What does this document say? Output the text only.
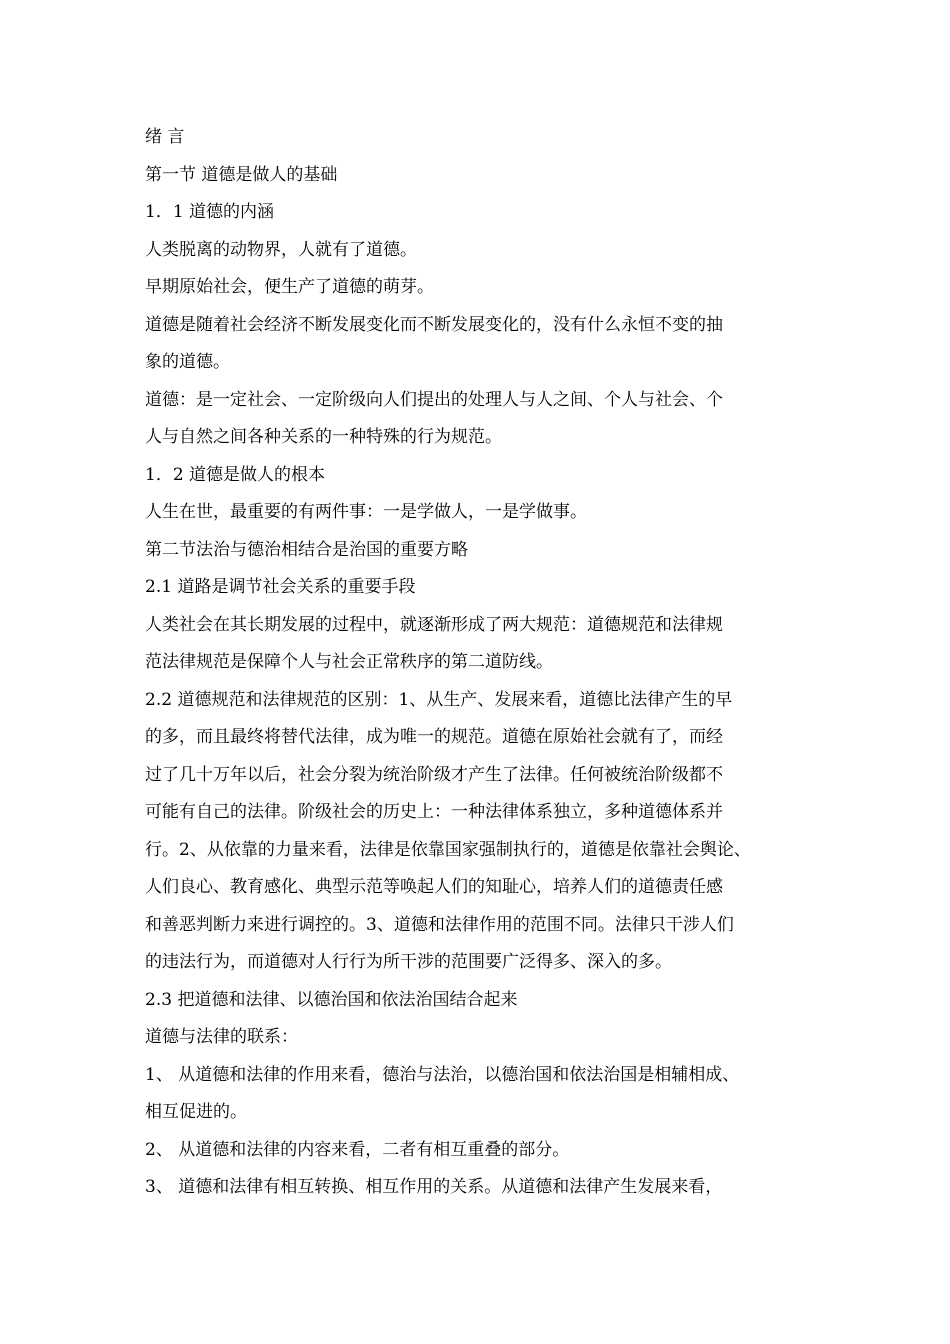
绪 言
第一节 道德是做人的基础
1．1 道德的内涵
人类脱离的动物界，人就有了道德。
早期原始社会，便生产了道德的萌芽。
道德是随着社会经济不断发展变化而不断发展变化的，没有什么永恒不变的抽
象的道德。
道德：是一定社会、一定阶级向人们提出的处理人与人之间、个人与社会、个
人与自然之间各种关系的一种特殊的行为规范。
1．2 道德是做人的根本
人生在世，最重要的有两件事：一是学做人，一是学做事。
第二节法治与德治相结合是治国的重要方略
2.1 道路是调节社会关系的重要手段
人类社会在其长期发展的过程中，就逐渐形成了两大规范：道德规范和法律规
范法律规范是保障个人与社会正常秩序的第二道防线。
2.2 道德规范和法律规范的区别：1、从生产、发展来看，道德比法律产生的早
的多，而且最终将替代法律，成为唯一的规范。道德在原始社会就有了，而经
过了几十万年以后，社会分裂为统治阶级才产生了法律。任何被统治阶级都不
可能有自己的法律。阶级社会的历史上：一种法律体系独立，多种道德体系并
行。2、从依靠的力量来看，法律是依靠国家强制执行的，道德是依靠社会舆论、
人们良心、教育感化、典型示范等唤起人们的知耻心，培养人们的道德责任感
和善恶判断力来进行调控的。3、道德和法律作用的范围不同。法律只干涉人们
的违法行为，而道德对人行行为所干涉的范围要广泛得多、深入的多。
2.3 把道德和法律、以德治国和依法治国结合起来
道德与法律的联系：
1、 从道德和法律的作用来看，德治与法治，以德治国和依法治国是相辅相成、
相互促进的。
2、 从道德和法律的内容来看，二者有相互重叠的部分。
3、 道德和法律有相互转换、相互作用的关系。从道德和法律产生发展来看，
